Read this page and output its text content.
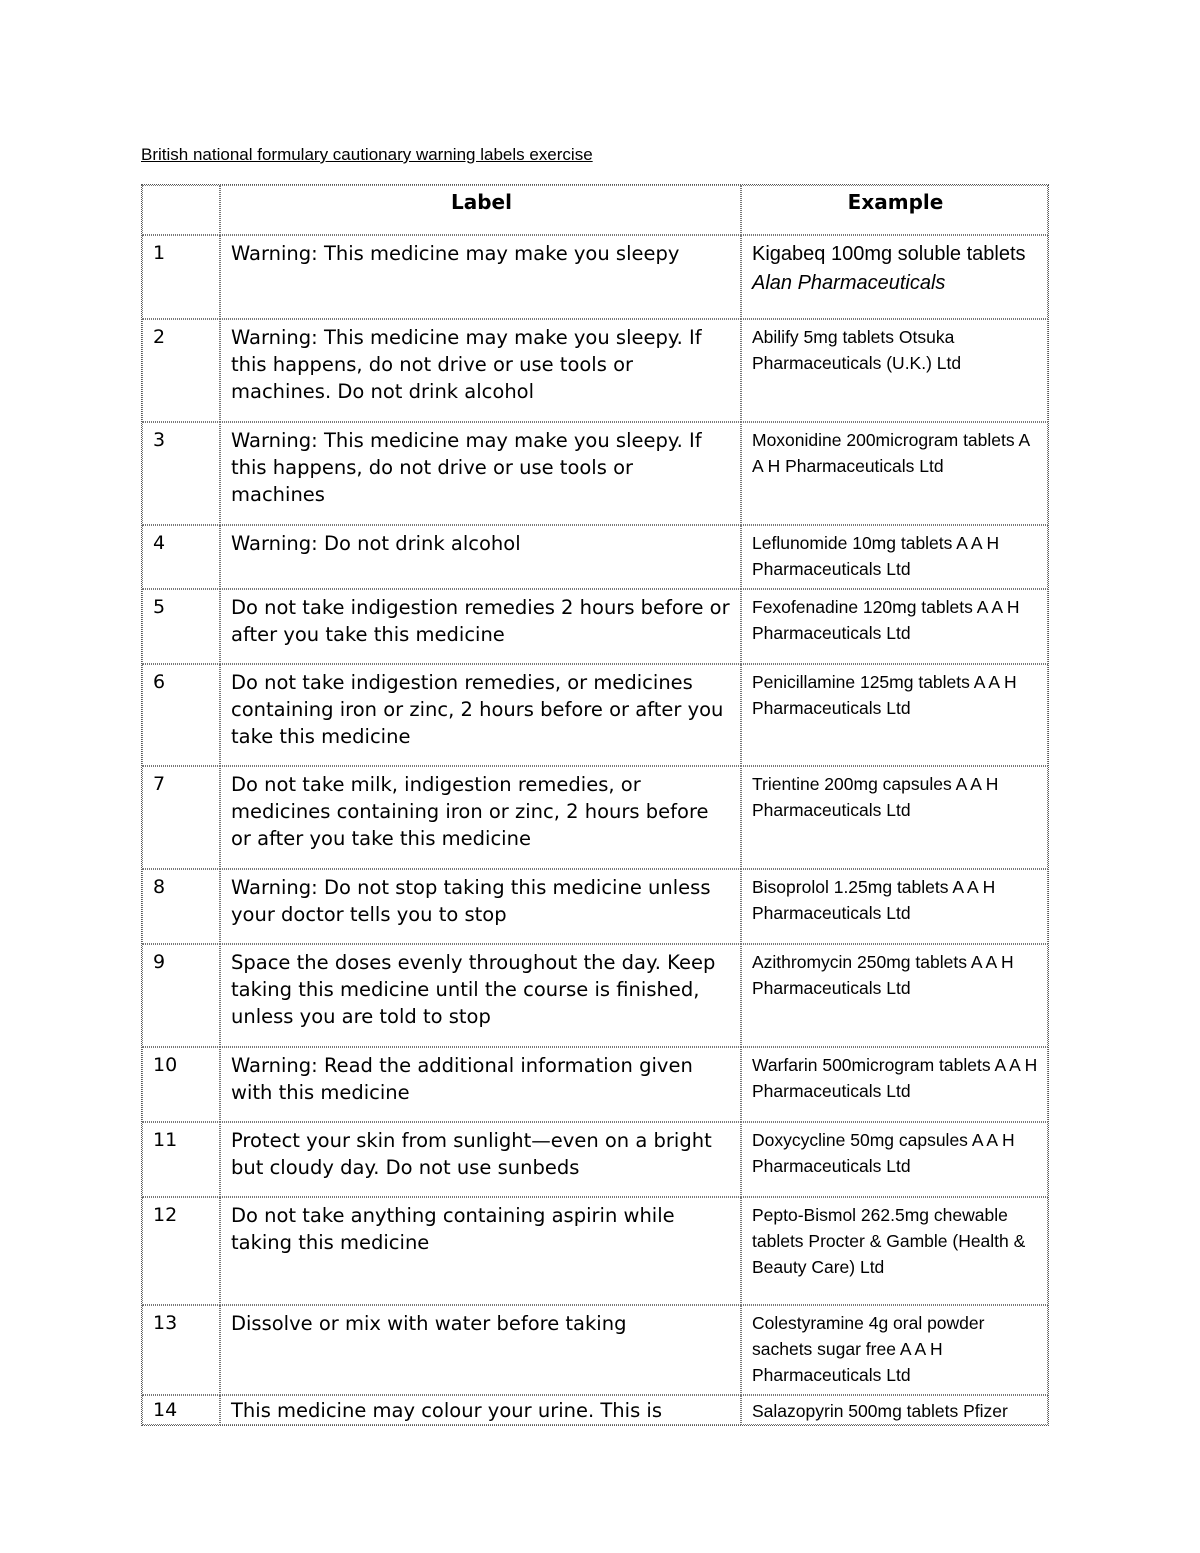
British national formulary cautionary warning labels exercise
	Label	Example
1	Warning: This medicine may make you sleepy	Kigabeq 100mg soluble tablets Alan Pharmaceuticals
2	Warning: This medicine may make you sleepy. If this happens, do not drive or use tools or machines. Do not drink alcohol	Abilify 5mg tablets Otsuka Pharmaceuticals (U.K.) Ltd
3	Warning: This medicine may make you sleepy. If this happens, do not drive or use tools or machines	Moxonidine 200microgram tablets A A H Pharmaceuticals Ltd
4	Warning: Do not drink alcohol	Leflunomide 10mg tablets A A H Pharmaceuticals Ltd
5	Do not take indigestion remedies 2 hours before or after you take this medicine	Fexofenadine 120mg tablets A A H Pharmaceuticals Ltd
6	Do not take indigestion remedies, or medicines containing iron or zinc, 2 hours before or after you take this medicine	Penicillamine 125mg tablets A A H Pharmaceuticals Ltd
7	Do not take milk, indigestion remedies, or medicines containing iron or zinc, 2 hours before or after you take this medicine	Trientine 200mg capsules A A H Pharmaceuticals Ltd
8	Warning: Do not stop taking this medicine unless your doctor tells you to stop	Bisoprolol 1.25mg tablets A A H Pharmaceuticals Ltd
9	Space the doses evenly throughout the day. Keep taking this medicine until the course is finished, unless you are told to stop	Azithromycin 250mg tablets A A H Pharmaceuticals Ltd
10	Warning: Read the additional information given with this medicine	Warfarin 500microgram tablets A A H Pharmaceuticals Ltd
11	Protect your skin from sunlight—even on a bright but cloudy day. Do not use sunbeds	Doxycycline 50mg capsules A A H Pharmaceuticals Ltd
12	Do not take anything containing aspirin while taking this medicine	Pepto-Bismol 262.5mg chewable tablets Procter & Gamble (Health & Beauty Care) Ltd
13	Dissolve or mix with water before taking	Colestyramine 4g oral powder sachets sugar free A A H Pharmaceuticals Ltd
14	This medicine may colour your urine. This is	Salazopyrin 500mg tablets Pfizer
